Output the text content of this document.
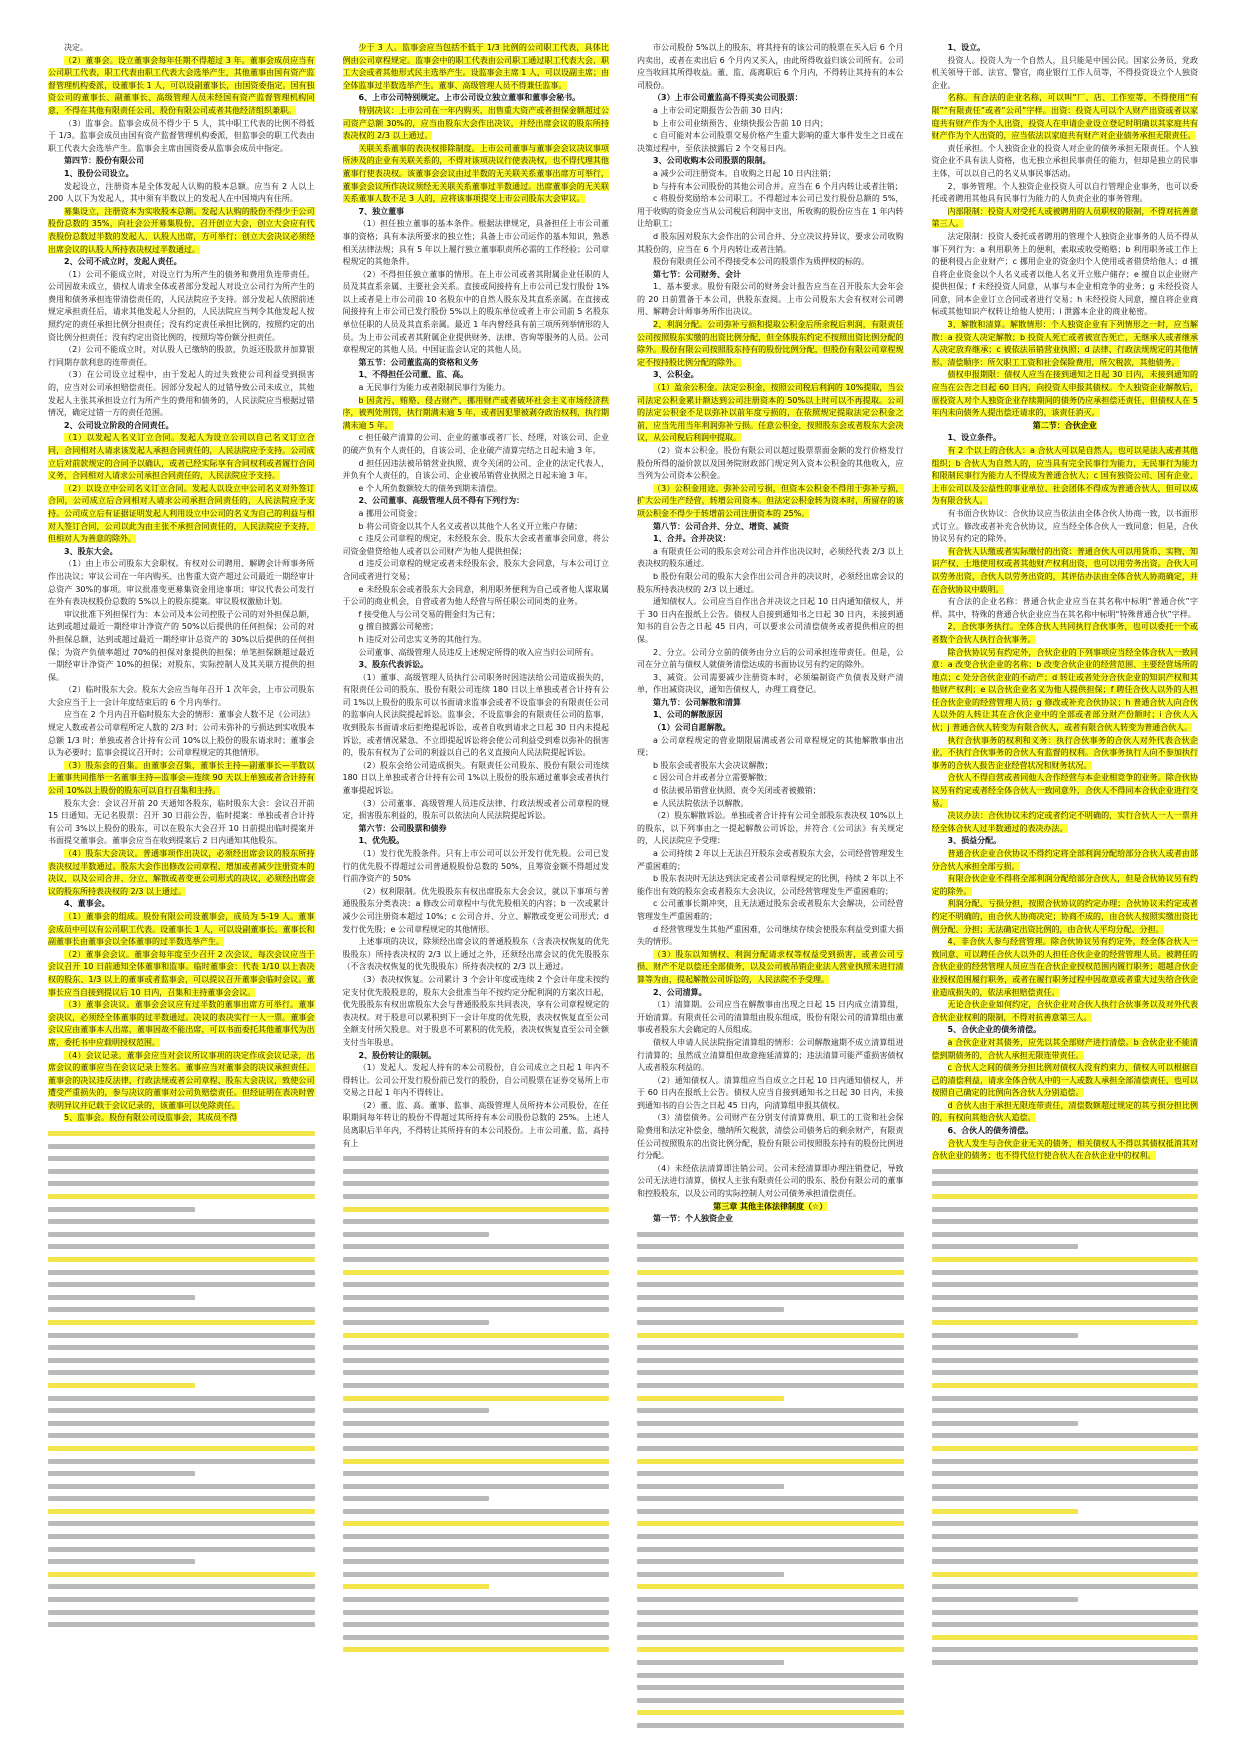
决定。

（2）董事会。设立董事会每年任期不得超过 3 年。董事会成员应当有公司职工代表，职工代表由职工代表大会选举产生，其他董事由国有资产监督管理机构委派，设董事长 1 人，可以设副董事长，由国资委指定。国有独资公司的董事长、副董事长、高级管理人员未经国有资产监督管理机构同意，不得在其他有限责任公司、股份有限公司或者其他经济组织兼职。

（3）监事会。监事会成员不得少于 5 人，其中职工代表的比例不得低于 1/3。监事会成员由国有资产监督管理机构委派，但监事会的职工代表由职工代表大会选举产生。监事会主席由国资委从监事会成员中指定。

第四节：股份有限公司

1、股份公司设立。

发起设立，注册资本是全体发起人认购的股本总额。应当有 2 人以上 200 人以下为发起人，其中须有半数以上的发起人在中国境内有住所。

募集设立，注册资本为实收股本总额。发起人认购的股份不得少于公司股份总数的 35%，向社会公开募集股份，召开创立大会，创立大会应有代表股份总数过半数的发起人、认股人出席，方可举行；创立大会决议必须经出席会议的认股人所持表决权过半数通过。

2、公司不成立时，发起人责任。

（1）公司不能成立时，对设立行为所产生的债务和费用负连带责任。公司因故未成立，债权人请求全体或者部分发起人对设立公司行为所产生的费用和债务承担连带清偿责任的，人民法院应予支持。部分发起人依照前述规定承担责任后，请求其他发起人分担的，人民法院应当判令其他发起人按照约定的责任承担比例分担责任；没有约定责任承担比例的，按照约定的出资比例分担责任；没有约定出资比例的，按照均等份额分担责任。

（2）公司不能成立时，对认股人已缴纳的股款，负返还股款并加算银行同期存款利息的连带责任。

（3）在公司设立过程中，由于发起人的过失致使公司利益受到损害的，应当对公司承担赔偿责任。因部分发起人的过错导致公司未成立，其他发起人主张其承担设立行为所产生的费用和债务的，人民法院应当根据过错情况，确定过错一方的责任范围。

2、公司设立阶段的合同责任。

（1）以发起人名义订立合同。发起人为设立公司以自己名义订立合同，合同相对人请求该发起人承担合同责任的，人民法院应予支持。公司成立后对前款规定的合同予以确认，或者已经实际享有合同权利或者履行合同义务，合同相对人请求公司承担合同责任的，人民法院应予支持。

（2）以设立中公司名义订立合同。发起人以设立中公司名义对外签订合同，公司成立后合同相对人请求公司承担合同责任的，人民法院应予支持。公司成立后有证据证明发起人利用设立中公司的名义为自己的利益与相对人签订合同，公司以此为由主张不承担合同责任的，人民法院应予支持，但相对人为善意的除外。

3、股东大会。

（1）由上市公司股东大会职权。有权对公司聘用、解聘会计师事务所作出决议；审议公司在一年内购买、出售重大资产超过公司最近一期经审计总资产 30%的事项。审议批准变更募集资金用途事项；审议代表公司发行在外有表决权股份总数的 5%以上的股东提案。审议股权激励计划。

审议批准下列担保行为：本公司及本公司控股子公司的对外担保总额，达到或超过最近一期经审计净资产的 50%以后提供的任何担保；公司的对外担保总额，达到或超过最近一期经审计总资产的 30%以后提供的任何担保；为资产负债率超过 70%的担保对象提供的担保；单笔担保额超过最近一期经审计净资产 10%的担保；对股东、实际控制人及其关联方提供的担保。

（2）临时股东大会。股东大会应当每年召开 1 次年会，上市公司股东大会应当于上一会计年度结束后的 6 个月内举行。

应当在 2 个月内召开临时股东大会的情形：董事会人数不足《公司法》规定人数或者公司章程所定人数的 2/3 时；公司未弥补的亏损达到实收股本总额 1/3 时；单独或者合计持有公司 10%以上股份的股东请求时；董事会认为必要时；监事会提议召开时；公司章程规定的其他情形。

（3）股东会的召集。由董事会召集，董事长主持—副董事长—半数以上董事共同推举一名董事主持—监事会—连续 90 天以上单独或者合计持有公司 10%以上股份的股东可以自行召集和主持。

股东大会：会议召开前 20 天通知各股东，临时股东大会：会议召开前 15 日通知。无记名股票：召开 30 日前公告，临时提案：单独或者合计持有公司 3%以上股份的股东，可以在股东大会召开 10 日前提出临时提案并书面提交董事会。董事会应当在收到提案后 2 日内通知其他股东。

（4）股东大会决议。普通事项作出决议，必须经出席会议的股东所持表决权过半数通过。股东大会作出修改公司章程、增加或者减少注册资本的决议，以及公司合并、分立、解散或者变更公司形式的决议，必须经出席会议的股东所持表决权的 2/3 以上通过。

4、董事会。

（1）董事会的组成。股份有限公司设董事会，成员为 5-19 人。董事会成员中可以有公司职工代表。设董事长 1 人，可以设副董事长。董事长和副董事长由董事会以全体董事的过半数选举产生。

（2）董事会会议。董事会每年度至少召开 2 次会议，每次会议应当于会议召开 10 日前通知全体董事和监事。临时董事会：代表 1/10 以上表决权的股东、1/3 以上的董事或者监事会，可以提议召开董事会临时会议。董事长应当自接到提议后 10 日内，召集和主持董事会会议。

（3）董事会决议。董事会会议应有过半数的董事出席方可举行。董事会决议，必须经全体董事的过半数通过。决议的表决实行一人一票。董事会会议应由董事本人出席，董事因故不能出席，可以书面委托其他董事代为出席，委托书中应载明授权范围。

（4）会议记录。董事会应当对会议所议事项的决定作成会议记录，出席会议的董事应当在会议记录上签名。董事应当对董事会的决议承担责任。董事会的决议违反法律、行政法规或者公司章程、股东大会决议，致使公司遭受严重损失的，参与决议的董事对公司负赔偿责任。但经证明在表决时曾表明异议并记载于会议记录的，该董事可以免除责任。

5、监事会。股份有限公司设监事会，其成员不得

少于 3 人。监事会应当包括不低于 1/3 比例的公司职工代表，具体比例由公司章程规定。监事会中的职工代表由公司职工通过职工代表大会、职工大会或者其他形式民主选举产生。设监事会主席 1 人，可以设副主席；由全体监事过半数选举产生。董事、高级管理人员不得兼任监事。

6、上市公司特别规定。上市公司设立独立董事和董事会秘书。

特别决议：上市公司在一年内购买、出售重大资产或者担保金额超过公司资产总额 30%的，应当由股东大会作出决议，并经出席会议的股东所持表决权的 2/3 以上通过。

关联关系董事的表决权排除制度。上市公司董事与董事会会议决议事项所涉及的企业有关联关系的，不得对该项决议行使表决权，也不得代理其他董事行使表决权。该董事会会议由过半数的无关联关系董事出席方可举行，董事会会议所作决议须经无关联关系董事过半数通过。出席董事会的无关联关系董事人数不足 3 人的，应将该事项提交上市公司股东大会审议。

7、独立董事

（1）担任独立董事的基本条件。根据法律规定，具备担任上市公司董事的资格；具有本法所要求的独立性；具备上市公司运作的基本知识，熟悉相关法律法规；具有 5 年以上履行独立董事职责所必需的工作经验；公司章程规定的其他条件。

（2）不得担任独立董事的情形。在上市公司或者其附属企业任职的人员及其直系亲属、主要社会关系。直接或间接持有上市公司已发行股份 1%以上或者是上市公司前 10 名股东中的自然人股东及其直系亲属。在直接或间接持有上市公司已发行股份 5%以上的股东单位或者上市公司前 5 名股东单位任职的人员及其直系亲属。最近 1 年内曾经具有前三项所列举情形的人员。为上市公司或者其附属企业提供财务、法律、咨询等服务的人员。公司章程规定的其他人员。中国证监会认定的其他人员。

第五节：公司董监高的资格和义务

1、不得担任公司董、监、高。

a 无民事行为能力或者限制民事行为能力。

b 因贪污、贿赂、侵占财产、挪用财产或者破坏社会主义市场经济秩序，被判处刑罚，执行期满未逾 5 年，或者因犯罪被剥夺政治权利，执行期满未逾 5 年。

c 担任破产清算的公司、企业的董事或者厂长、经理，对该公司、企业的破产负有个人责任的，自该公司、企业破产清算完结之日起未逾 3 年。

d 担任因违法被吊销营业执照、责令关闭的公司、企业的法定代表人，并负有个人责任的，自该公司、企业被吊销营业执照之日起未逾 3 年。

e 个人所负数额较大的债务到期未清偿。

2、公司董事、高级管理人员不得有下列行为：

a 挪用公司资金；

b 将公司资金以其个人名义或者以其他个人名义开立账户存储；

c 违反公司章程的规定，未经股东会、股东大会或者董事会同意，将公司资金借贷给他人或者以公司财产为他人提供担保；

d 违反公司章程的规定或者未经股东会、股东大会同意，与本公司订立合同或者进行交易；

e 未经股东会或者股东大会同意，利用职务便利为自己或者他人谋取属于公司的商业机会，自营或者为他人经营与所任职公司同类的业务。

f 接受他人与公司交易的佣金归为己有；

g 擅自披露公司秘密；

h 违反对公司忠实义务的其他行为。

公司董事、高级管理人员违反上述规定所得的收入应当归公司所有。

3、股东代表诉讼。

（1）董事、高级管理人员执行公司职务时因违法给公司造成损失的，有限责任公司的股东、股份有限公司连续 180 日以上单独或者合计持有公司 1%以上股份的股东可以书面请求监事会或者不设监事会的有限责任公司的监事向人民法院提起诉讼。监事会、不设监事会的有限责任公司的监事，收到股东书面请求后拒绝提起诉讼，或者自收到请求之日起 30 日内未提起诉讼，或者情况紧急、不立即提起诉讼将会使公司利益受到难以弥补的损害的，股东有权为了公司的利益以自己的名义直接向人民法院提起诉讼。

（2）股东会给公司造成损失。有限责任公司股东、股份有限公司连续 180 日以上单独或者合计持有公司 1%以上股份的股东通过董事会或者执行董事提起诉讼。

（3）公司董事、高级管理人员违反法律、行政法规或者公司章程的规定，损害股东利益的，股东可以依法向人民法院提起诉讼。

第六节：公司股票和债券

1、优先股。

（1）发行优先股条件。只有上市公司可以公开发行优先股。公司已发行的优先股不得超过公司普通股股份总数的 50%，且筹资金额不得超过发行前净资产的 50%

（2）权利限制。优先股股东有权出席股东大会会议，就以下事项与普通股股东分类表决：a 修改公司章程中与优先股相关的内容；b 一次或累计减少公司注册资本超过 10%；c 公司合并、分立、解散或变更公司形式；d 发行优先股；e 公司章程规定的其他情形。

上述事项的决议，除须经出席会议的普通股股东（含表决权恢复的优先股股东）所持表决权的 2/3 以上通过之外，还须经出席会议的优先股股东（不含表决权恢复的优先股股东）所持表决权的 2/3 以上通过。

（3）表决权恢复。公司累计 3 个会计年度或连续 2 个会计年度未按约定支付优先股股息的，股东大会批准当年不按约定分配利润的方案次日起，优先股股东有权出席股东大会与普通股股东共同表决，享有公司章程规定的表决权。对于股息可以累积到下一会计年度的优先股，表决权恢复直至公司全额支付所欠股息。对于股息不可累积的优先股，表决权恢复直至公司全额支付当年股息。

2、股份转让的限制。

（1）发起人。发起人持有的本公司股份，自公司成立之日起 1 年内不得转让。公司公开发行股份前已发行的股份，自公司股票在证券交易所上市交易之日起 1 年内不得转让。

（2）董、监、高。董事、监事、高级管理人员所持本公司股份，在任职期间每年转让的股份不得超过其所持有本公司股份总数的 25%。上述人员离职后半年内，不得转让其所持有的本公司股份。上市公司董、监、高持有上

市公司股份 5%以上的股东，将其持有的该公司的股票在买入后 6 个月内卖出，或者在卖出后 6 个月内又买入，由此所得收益归该公司所有。公司应当收回其所得收益。董、监、高离职后 6 个月内，不得转让其持有的本公司股份。

（3）上市公司董监高不得买卖公司股票：

a 上市公司定期报告公告前 30 日内；

b 上市公司业绩预告、业绩快报公告前 10 日内；

c 自可能对本公司股票交易价格产生重大影响的重大事件发生之日或在决策过程中，至依法披露后 2 个交易日内。

3、公司收购本公司股票的限制。

a 减少公司注册资本。自收购之日起 10 日内注销；

b 与持有本公司股份的其他公司合并。应当在 6 个月内转让或者注销；

c 将股份奖励给本公司职工。不得超过本公司已发行股份总额的 5%，用于收购的资金应当从公司税后利润中支出，所收购的股份应当在 1 年内转让给职工；

d 股东因对股东大会作出的公司合并、分立决议持异议，要求公司收购其股份的，应当在 6 个月内转让或者注销。

股份有限责任公司不得接受本公司的股票作为质押权的标的。

第七节：公司财务、会计

1、基本要求。股份有限公司的财务会计报告应当在召开股东大会年会的 20 日前置备于本公司，供股东查阅。上市公司股东大会有权对公司聘用、解聘会计师事务所作出决议。

2、利润分配。公司弥补亏损和提取公积金后所余税后利润，有限责任公司按照股东实缴的出资比例分配，但全体股东约定不按照出资比例分配的除外。股份有限公司按照股东持有的股份比例分配，但股份有限公司章程规定不按持股比例分配的除外。

3、公积金。

（1）盈余公积金。法定公积金，按照公司税后利润的 10%提取，当公司法定公积金累计额达到公司注册资本的 50%以上时可以不再提取。公司的法定公积金不足以弥补以前年度亏损的，在依照规定提取法定公积金之前，应当先用当年利润弥补亏损。任意公积金，按照股东会或者股东大会决议，从公司税后利润中提取。

（2）资本公积金。股份有限公司以超过股票票面金额的发行价格发行股份所得的溢价款以及国务院财政部门规定列入资本公积金的其他收入，应当列为公司资本公积金。

（3）公积金用途。弥补公司亏损，但资本公积金不得用于弥补亏损，扩大公司生产经营，转增公司资本。但法定公积金转为资本时，所留存的该项公积金不得少于转增前公司注册资本的 25%。

第八节：公司合并、分立、增资、减资

1、合并。合并决议：

a 有限责任公司的股东会对公司合并作出决议时，必须经代表 2/3 以上表决权的股东通过。

b 股份有限公司的股东大会作出公司合并的决议时，必须经出席会议的股东所持表决权的 2/3 以上通过。

通知债权人。公司应当自作出合并决议之日起 10 日内通知债权人，并于 30 日内在报纸上公告。债权人自接到通知书之日起 30 日内，未接到通知书的自公告之日起 45 日内，可以要求公司清偿债务或者提供相应的担保。

2、分立。公司分立前的债务由分立后的公司承担连带责任。但是，公司在分立前与债权人就债务清偿达成的书面协议另有约定的除外。

3、减资。公司需要减少注册资本时，必须编制资产负债表及财产清单，作出减资决议，通知告债权人，办理工商登记。

第九节：公司解散和清算

1、公司的解散原因

（1）公司自愿解散。

a 公司章程规定的营业期限届满或者公司章程规定的其他解散事由出现；

b 股东会或者股东大会决议解散；

c 因公司合并或者分立需要解散；

d 依法被吊销营业执照、责令关闭或者被撤销；

e 人民法院依法予以解散。

（2）股东解散诉讼。单独或者合计持有公司全部股东表决权 10%以上的股东，以下列事由之一提起解散公司诉讼，并符合《公司法》有关规定的，人民法院应予受理：

a 公司持续 2 年以上无法召开股东会或者股东大会，公司经营管理发生严重困难的；

b 股东表决时无法达到法定或者公司章程规定的比例，持续 2 年以上不能作出有效的股东会或者股东大会决议，公司经营管理发生严重困难的；

c 公司董事长期冲突，且无法通过股东会或者股东大会解决，公司经营管理发生严重困难的；

d 经营管理发生其他严重困难，公司继续存续会使股东利益受到重大损失的情形。

（3）股东以知情权、利润分配请求权等权益受到损害，或者公司亏损、财产不足以偿还全部债务，以及公司被吊销企业法人营业执照未进行清算等为由，提起解散公司诉讼的，人民法院不予受理。

2、公司清算。

（1）清算期。公司应当在解散事由出现之日起 15 日内成立清算组，开始清算。有限责任公司的清算组由股东组成，股份有限公司的清算组由董事或者股东大会确定的人员组成。

债权人申请人民法院指定清算组的情形：公司解散逾期不成立清算组进行清算的；虽然成立清算组但故意拖延清算的；违法清算可能严重损害债权人或者股东利益的。

（2）通知债权人。清算组应当自成立之日起 10 日内通知债权人，并于 60 日内在报纸上公告。债权人应当自接到通知书之日起 30 日内，未接到通知书的自公告之日起 45 日内，向清算组申报其债权。

（3）清偿债务。公司财产在分别支付清算费用、职工的工资和社会保险费用和法定补偿金，缴纳所欠税款，清偿公司债务后的剩余财产，有限责任公司按照股东的出资比例分配，股份有限公司按照股东持有的股份比例进行分配。

（4）未经依法清算即注销公司。公司未经清算即办理注销登记，导致公司无法进行清算，债权人主张有限责任公司的股东、股份有限公司的董事和控股股东，以及公司的实际控制人对公司债务承担清偿责任。

第三章 其他主体法律制度（☆）

第一节：个人独资企业

1、设立。

投资人。投资人为一个自然人，且只能是中国公民。国家公务员、党政机关领导干部、法官、警官，商业银行工作人员等，不得投资设立个人独资企业。

名称。有合法的企业名称，可以叫“厂、店、工作室等，不得使用“有限”“有限责任”或者“公司”字样。出资：投资人可以个人财产出资或者以家庭共有财产作为个人出资，投资人在申请企业设立登记时明确以其家庭共有财产作为个人出资的，应当依法以家庭共有财产对企业债务承担无限责任。

责任承担。个人独资企业的投资人对企业的债务承担无限责任。个人独资企业不具有法人资格，也无独立承担民事责任的能力，但却是独立的民事主体，可以以自己的名义从事民事活动。

2、事务管理。个人独资企业投资人可以自行管理企业事务，也可以委托或者聘用其他具有民事行为能力的人负责企业的事务管理。

内部限制：投资人对受托人或被聘用的人员职权的限制，不得对抗善意第三人。

法定限制：投资人委托或者聘用的管理个人独资企业事务的人员不得从事下列行为：a 利用职务上的便利，索取或收受贿赂；b 利用职务或工作上的便利侵占企业财产；c 挪用企业的资金归个人使用或者借贷给他人；d 擅自将企业资金以个人名义或者以他人名义开立账户储存；e 擅自以企业财产提供担保；f 未经投资人同意，从事与本企业相竞争的业务；g 未经投资人同意，同本企业订立合同或者进行交易；h 未经投资人同意，擅自将企业商标或其他知识产权转让给他人使用；i 泄露本企业的商业秘密。

3、解散和清算。解散情形：个人独资企业有下列情形之一时，应当解散：a 投资人决定解散；b 投资人死亡或者被宣告死亡，无继承人或者继承人决定放弃继承；c 被依法吊销营业执照；d 法律、行政法规规定的其他情形。清偿顺序：所欠职工工资和社会保险费用，所欠税款，其他债务。

债权申报期限：债权人应当在接到通知之日起 30 日内，未接到通知的应当在公告之日起 60 日内，向投资人申报其债权。个人独资企业解散后，原投资人对个人独资企业存续期间的债务仍应承担偿还责任，但债权人在 5 年内未向债务人提出偿还请求的，该责任消灭。

第二节：合伙企业

1、设立条件。

有 2 个以上的合伙人：a 合伙人可以是自然人，也可以是法人或者其他组织；b 合伙人为自然人的，应当具有完全民事行为能力，无民事行为能力和限制民事行为能力人不得成为普通合伙人；c 国有独资公司、国有企业、上市公司以及公益性的事业单位、社会团体不得成为普通合伙人，但可以成为有限合伙人。

有书面合伙协议：合伙协议应当依法由全体合伙人协商一致，以书面形式订立。修改或者补充合伙协议，应当经全体合伙人一致同意；但是，合伙协议另有约定的除外。

有合伙人认缴或者实际缴付的出资：普通合伙人可以用货币、实物、知识产权、土地使用权或者其他财产权利出资，也可以用劳务出资。合伙人可以劳务出资，合伙人以劳务出资的，其评估办法由全体合伙人协商确定，并在合伙协议中载明。

有合法的企业名称：普通合伙企业应当在其名称中标明“普通合伙”字样。其中，特殊的普通合伙企业应当在其名称中标明“特殊普通合伙”字样。

2、合伙事务执行。全体合伙人共同执行合伙事务，也可以委托一个或者数个合伙人执行合伙事务。

除合伙协议另有约定外，合伙企业的下列事项应当经全体合伙人一致同意：a 改变合伙企业的名称；b 改变合伙企业的经营范围、主要经营场所的地点；c 处分合伙企业的不动产；d 转让或者处分合伙企业的知识产权和其他财产权利；e 以合伙企业名义为他人提供担保；f 聘任合伙人以外的人担任合伙企业的经营管理人员；g 修改或补充合伙协议；h 普通合伙人向合伙人以外的人转让其在合伙企业中的全部或者部分财产份额时；i 合伙人入伙；j 普通合伙人转变为有限合伙人，或者有限合伙人转变为普通合伙人。

执行合伙事务的权利和义务：执行合伙事务的合伙人对外代表合伙企业，不执行合伙事务的合伙人有监督的权利。合伙事务执行人向不参加执行事务的合伙人报告企业经营状况和财务状况。

合伙人不得自营或者同他人合作经营与本企业相竞争的业务。除合伙协议另有约定或者经全体合伙人一致同意外，合伙人不得同本合伙企业进行交易。

决议办法：合伙协议未约定或者约定不明确的，实行合伙人一人一票并经全体合伙人过半数通过的表决办法。

3、损益分配。

普通合伙企业合伙协议不得约定将全部利润分配给部分合伙人或者由部分合伙人承担全部亏损。

有限合伙企业不得将全部利润分配给部分合伙人，但是合伙协议另有约定的除外。

利润分配、亏损分担，按照合伙协议的约定办理；合伙协议未约定或者约定不明确的，由合伙人协商决定；协商不成的，由合伙人按照实缴出资比例分配、分担；无法确定出资比例的，由合伙人平均分配、分担。

4、非合伙人参与经营管理。除合伙协议另有约定外，经全体合伙人一致同意，可以聘任合伙人以外的人担任合伙企业的经营管理人员。被聘任的合伙企业的经营管理人员应当在合伙企业授权范围内履行职务；超越合伙企业授权范围履行职务，或者在履行职务过程中因故意或者重大过失给合伙企业造成损失的，依法承担赔偿责任。

无论合伙企业如何约定，合伙企业对合伙人执行合伙事务以及对外代表合伙企业权利的限制，不得对抗善意第三人。

5、合伙企业的债务清偿。

a 合伙企业对其债务，应先以其全部财产进行清偿。b 合伙企业不能清偿到期债务的，合伙人承担无限连带责任。

c 合伙人之间的债务分担比例对债权人没有约束力，债权人可以根据自己的清偿利益，请求全体合伙人中的一人或数人承担全部清偿责任，也可以按照自己确定的比例向各合伙人分别追偿。

d 合伙人由于承担无限连带责任，清偿数额超过规定的其亏损分担比例的，有权向其他合伙人追偿。

6、合伙人的债务清偿。

合伙人发生与合伙企业无关的债务，相关债权人不得以其债权抵消其对合伙企业的债务；也不得代位行使合伙人在合伙企业中的权利。
